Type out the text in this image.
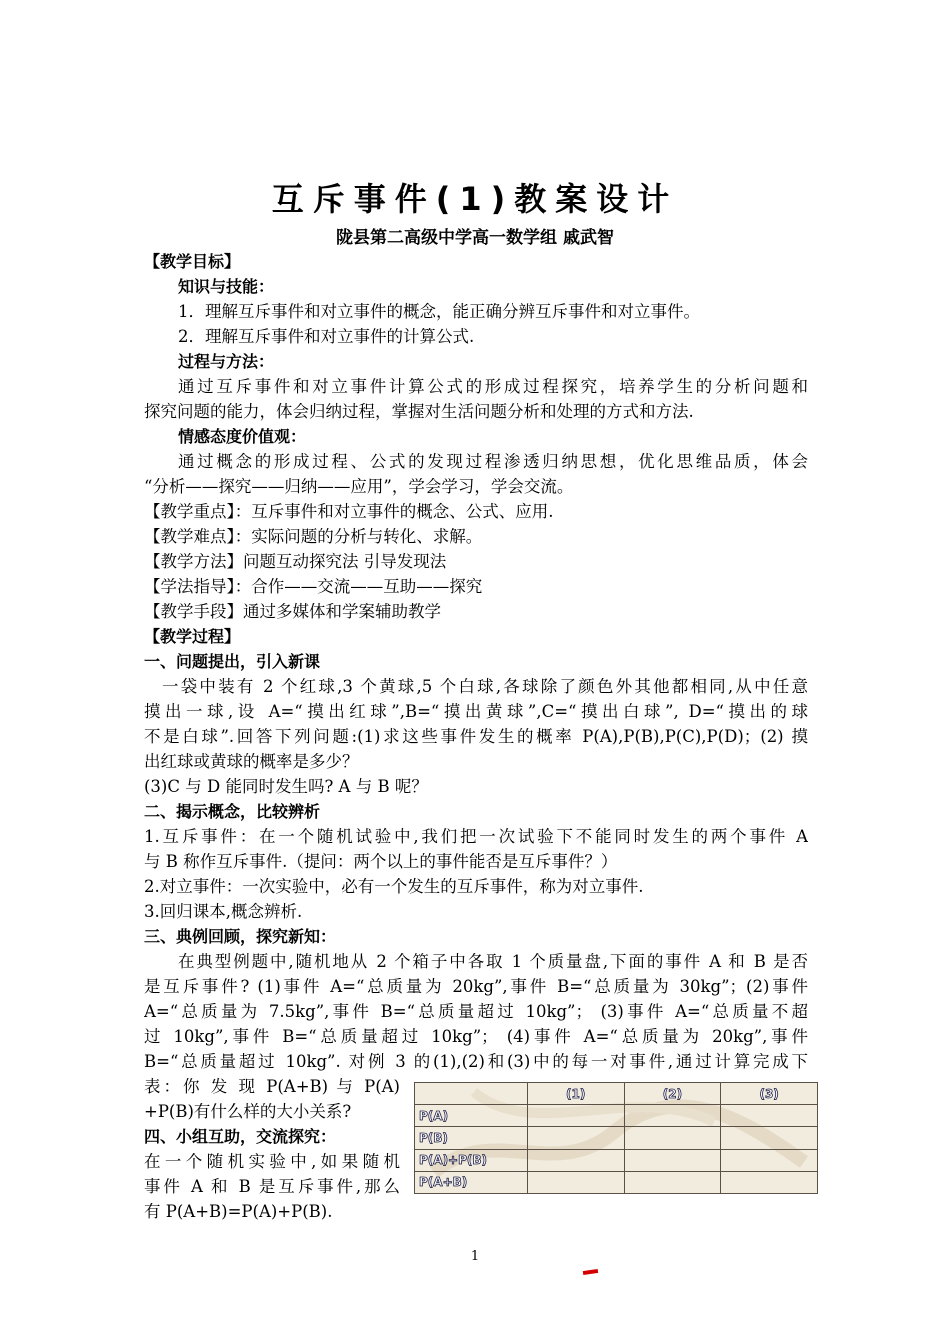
互斥事件(1)教案设计
陇县第二高级中学高一数学组 戚武智
【教学目标】
知识与技能：
1．理解互斥事件和对立事件的概念，能正确分辨互斥事件和对立事件。
2．理解互斥事件和对立事件的计算公式.
过程与方法：
通过互斥事件和对立事件计算公式的形成过程探究，培养学生的分析问题和
探究问题的能力，体会归纳过程，掌握对生活问题分析和处理的方式和方法.
情感态度价值观：
通过概念的形成过程、公式的发现过程渗透归纳思想，优化思维品质，体会
“分析——探究——归纳——应用”，学会学习，学会交流。
【教学重点】：互斥事件和对立事件的概念、公式、应用.
【教学难点】：实际问题的分析与转化、求解。
【教学方法】问题互动探究法 引导发现法
【学法指导】：合作——交流——互助——探究
【教学手段】通过多媒体和学案辅助教学
【教学过程】
一、问题提出，引入新课
一袋中装有 2 个红球,3 个黄球,5 个白球,各球除了颜色外其他都相同,从中任意
摸出一球,设 A=“摸出红球”,B=“摸出黄球”,C=“摸出白球”, D=“摸出的球
不是白球”.回答下列问题:(1)求这些事件发生的概率 P(A),P(B),P(C),P(D)；(2) 摸
出红球或黄球的概率是多少？
(3)C 与 D 能同时发生吗? A 与 B 呢？
二、揭示概念，比较辨析
1.互斥事件：在一个随机试验中,我们把一次试验下不能同时发生的两个事件 A
与 B 称作互斥事件.（提问：两个以上的事件能否是互斥事件？）
2.对立事件：一次实验中，必有一个发生的互斥事件，称为对立事件.
3.回归课本,概念辨析.
三、典例回顾，探究新知：
在典型例题中,随机地从 2 个箱子中各取 1 个质量盘,下面的事件 A 和 B 是否
是互斥事件? (1)事件 A=“总质量为 20kg”,事件 B=“总质量为 30kg”；(2)事件
A=“总质量为 7.5kg”,事件 B=“总质量超过 10kg”； (3)事件 A=“总质量不超
过 10kg”,事件 B=“总质量超过 10kg”； (4)事件 A=“总质量为 20kg”,事件
B=“总质量超过 10kg”. 对例 3 的(1),(2)和(3)中的每一对事件,通过计算完成下
表：你 发 现 P(A+B) 与 P(A)
+P(B)有什么样的大小关系?
四、小组互助，交流探究：
在一个随机实验中,如果随机
事件 A 和 B 是互斥事件,那么
有 P(A+B)=P(A)+P(B).
	(1)	(2)	(3)
P(A)			
P(B)			
P(A)+P(B)			
P(A+B)			
1
